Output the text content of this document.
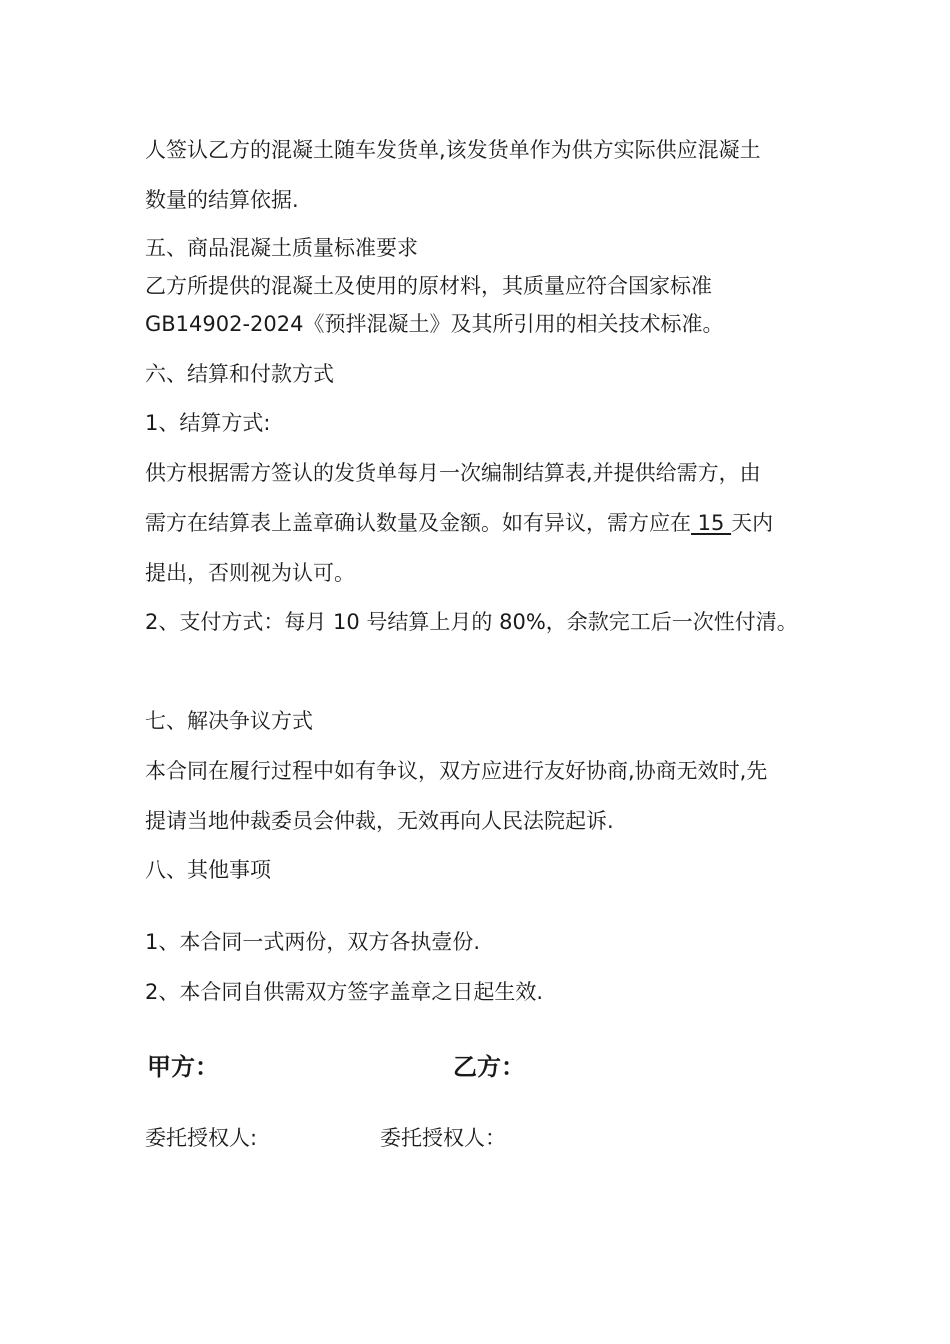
人签认乙方的混凝土随车发货单,该发货单作为供方实际供应混凝土
数量的结算依据.
五、商品混凝土质量标准要求
乙方所提供的混凝土及使用的原材料，其质量应符合国家标准
GB14902-2024《预拌混凝土》及其所引用的相关技术标准。
六、结算和付款方式
1、结算方式:
供方根据需方签认的发货单每月一次编制结算表,并提供给需方，由
需方在结算表上盖章确认数量及金额。如有异议，需方应在 15 天内
提出，否则视为认可。
2、支付方式：每月 10 号结算上月的 80%，余款完工后一次性付清。
七、解决争议方式
本合同在履行过程中如有争议，双方应进行友好协商,协商无效时,先
提请当地仲裁委员会仲裁，无效再向人民法院起诉.
八、其他事项
1、本合同一式两份，双方各执壹份.
2、本合同自供需双方签字盖章之日起生效.
甲方：	乙方：
委托授权人:	委托授权人：
